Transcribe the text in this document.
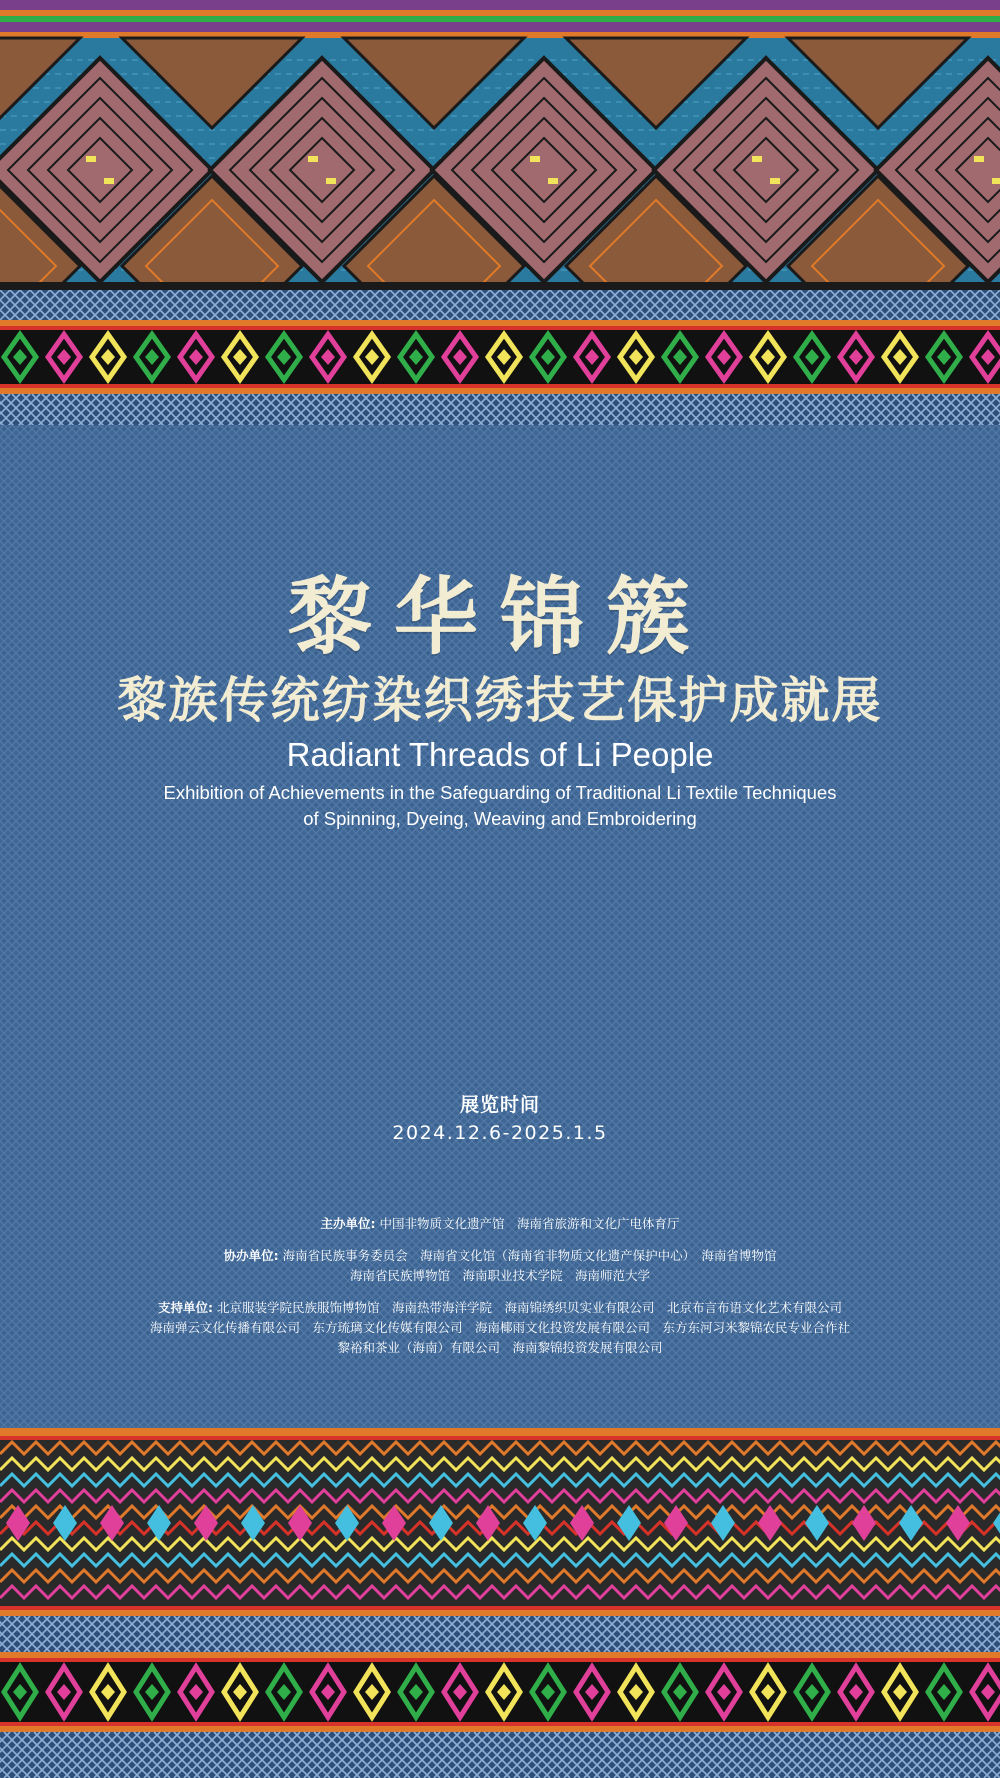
黎华锦簇
黎族传统纺染织绣技艺保护成就展
Radiant Threads of Li People
Exhibition of Achievements in the Safeguarding of Traditional Li Textile Techniques
of Spinning, Dyeing, Weaving and Embroidering
展览时间
2024.12.6-2025.1.5
主办单位: 中国非物质文化遗产馆　海南省旅游和文化广电体育厅
协办单位: 海南省民族事务委员会　海南省文化馆（海南省非物质文化遗产保护中心）　海南省博物馆
海南省民族博物馆　海南职业技术学院　海南师范大学
支持单位: 北京服装学院民族服饰博物馆　海南热带海洋学院　海南锦绣织贝实业有限公司　北京布言布语文化艺术有限公司
海南弹云文化传播有限公司　东方琉璃文化传媒有限公司　海南椰雨文化投资发展有限公司　东方东河习米黎锦农民专业合作社
黎裕和茶业（海南）有限公司　海南黎锦投资发展有限公司
